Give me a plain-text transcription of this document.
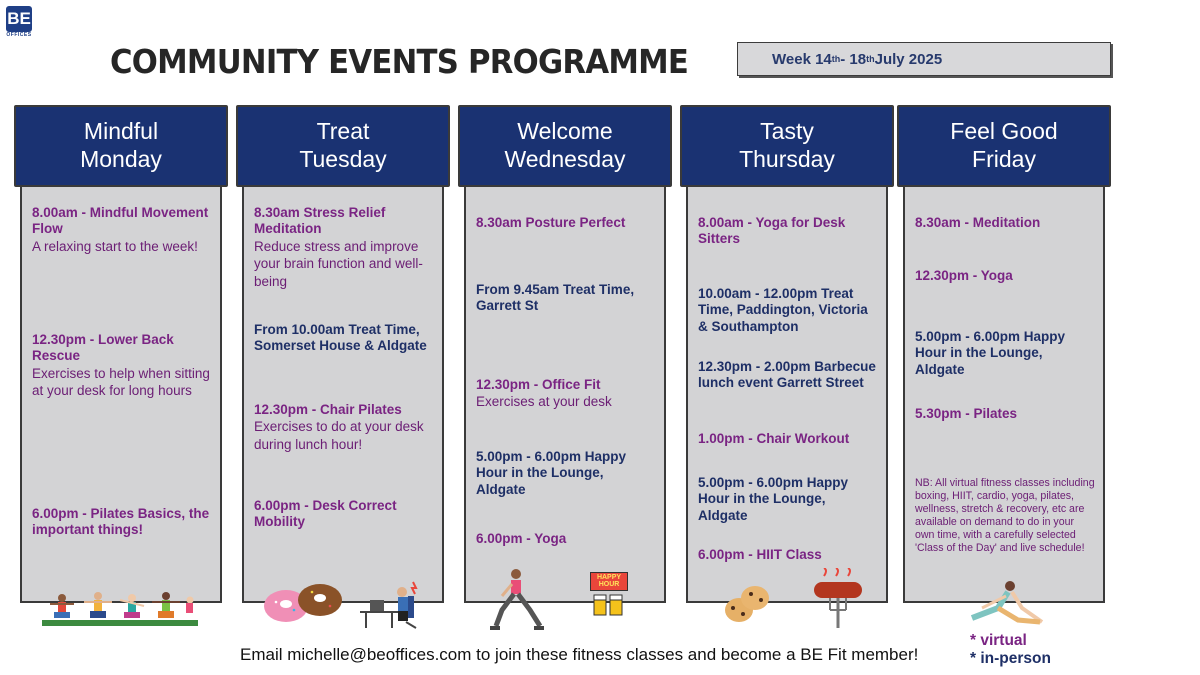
BE
OFFICES
COMMUNITY EVENTS PROGRAMME	Week 14 th - 18 th July 2025
Mindful
Monday
8.00am - Mindful Movement Flow
A relaxing start to the week!
12.30pm - Lower Back Rescue
Exercises to help when sitting at your desk for long hours
6.00pm - Pilates Basics, the important things!
Treat
Tuesday
8.30am Stress Relief Meditation
Reduce stress and improve your brain function and well-being
From 10.00am Treat Time, Somerset House & Aldgate
12.30pm - Chair Pilates
Exercises to do at your desk during lunch hour!
6.00pm - Desk Correct Mobility
Welcome
Wednesday
8.30am Posture Perfect
From 9.45am Treat Time, Garrett St
12.30pm - Office Fit
Exercises at your desk
5.00pm - 6.00pm Happy Hour in the Lounge, Aldgate
6.00pm - Yoga
Tasty
Thursday
8.00am - Yoga for Desk Sitters
10.00am - 12.00pm Treat Time, Paddington, Victoria & Southampton
12.30pm - 2.00pm Barbecue lunch event Garrett Street
1.00pm - Chair Workout
5.00pm - 6.00pm Happy Hour in the Lounge, Aldgate
6.00pm - HIIT Class
Feel Good
Friday
8.30am - Meditation
12.30pm - Yoga
5.00pm - 6.00pm Happy Hour in the Lounge, Aldgate
5.30pm - Pilates
NB: All virtual fitness classes including boxing, HIIT, cardio, yoga, pilates, wellness, stretch & recovery, etc are available on demand to do in your own time, with a carefully selected 'Class of the Day' and live schedule!
HAPPY
HOUR
Email michelle@beoffices.com to join these fitness classes and become a BE Fit member!
* virtual
* in-person
